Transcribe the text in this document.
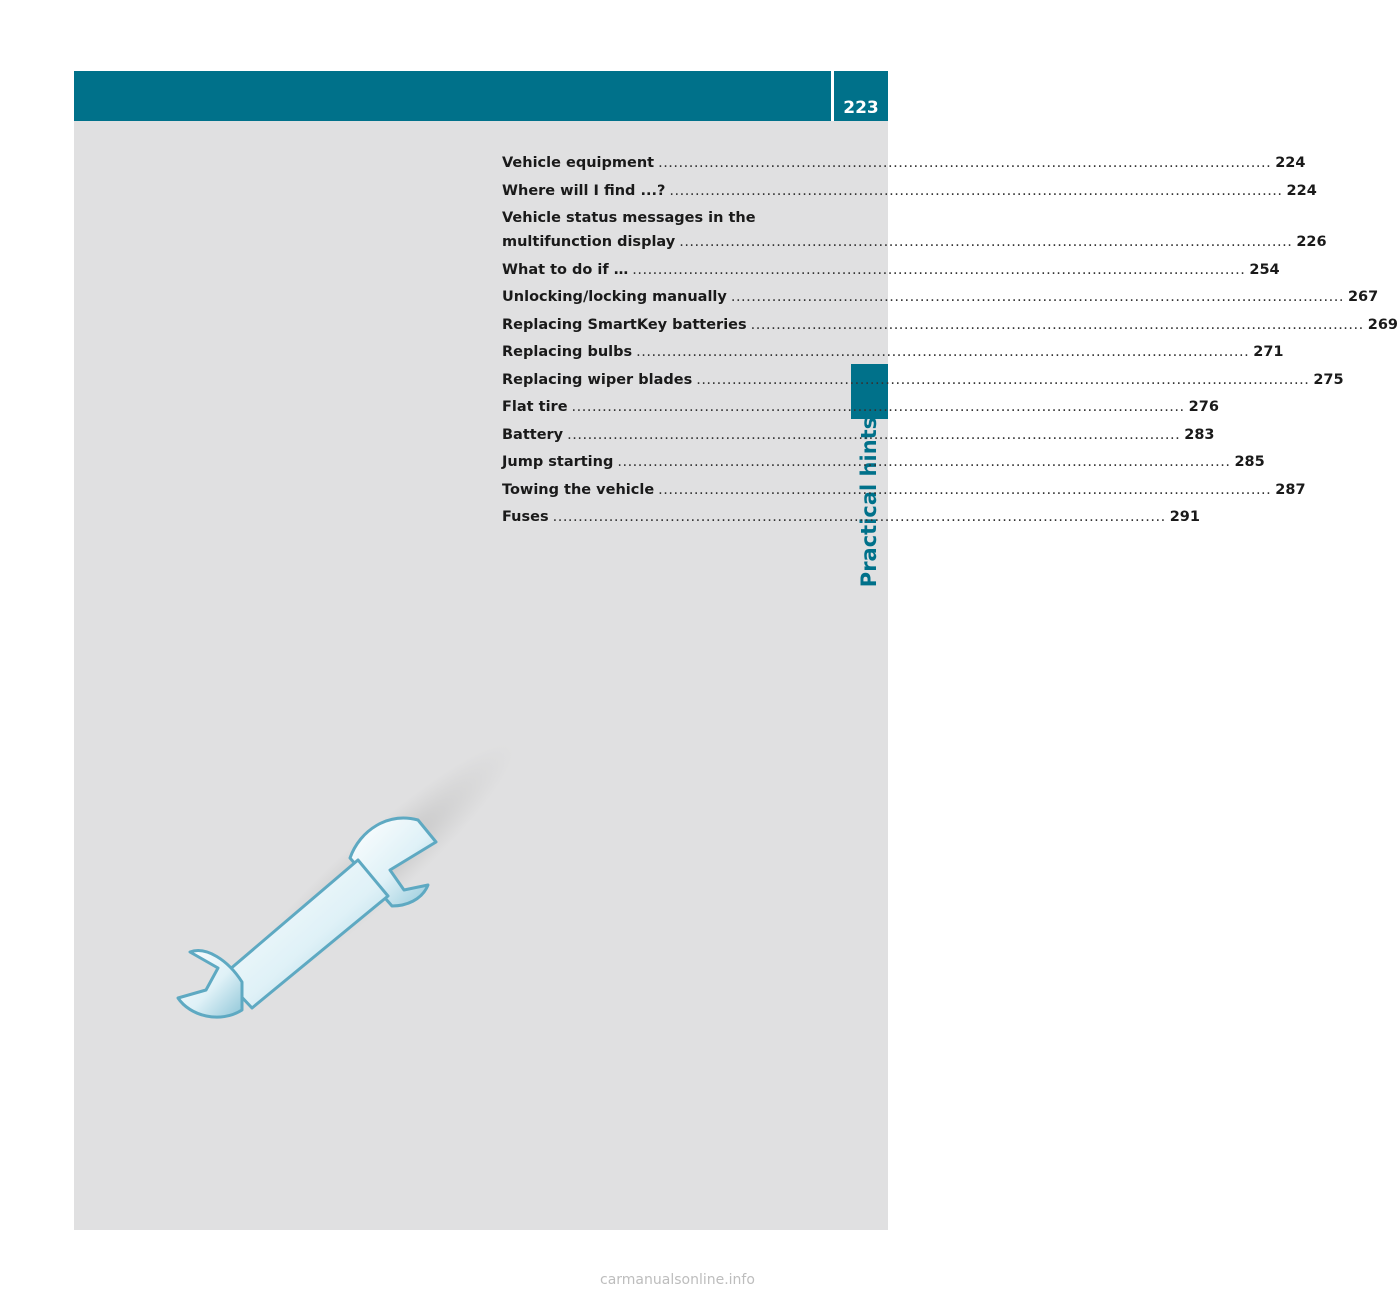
223
Practical hints
Vehicle equipment ........................................................................................................................ 224
Where will I find ...? ........................................................................................................................ 224
Vehicle status messages in the
multifunction display ........................................................................................................................ 226
What to do if … ........................................................................................................................ 254
Unlocking/locking manually ........................................................................................................................ 267
Replacing SmartKey batteries ........................................................................................................................ 269
Replacing bulbs ........................................................................................................................ 271
Replacing wiper blades ........................................................................................................................ 275
Flat tire ........................................................................................................................ 276
Battery ........................................................................................................................ 283
Jump starting ........................................................................................................................ 285
Towing the vehicle ........................................................................................................................ 287
Fuses ........................................................................................................................ 291
carmanualsonline.info
